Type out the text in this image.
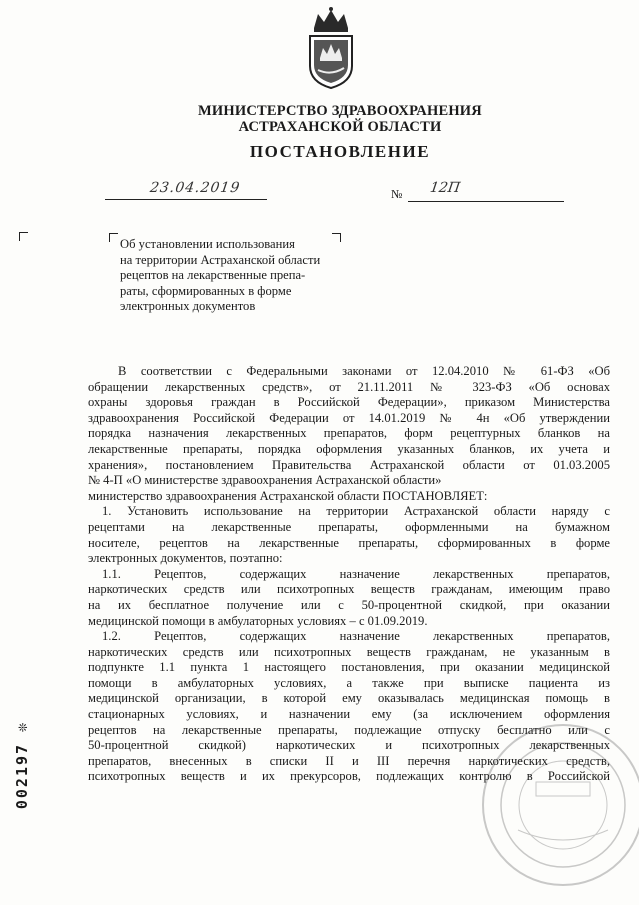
МИНИСТЕРСТВО ЗДРАВООХРАНЕНИЯ
АСТРАХАНСКОЙ ОБЛАСТИ
ПОСТАНОВЛЕНИЕ
23.04.2019	№ 12П
Об установлении использования
на территории Астраханской области
рецептов на лекарственные препа-
раты, сформированных в форме
электронных документов
В соответствии с Федеральными законами от 12.04.2010 № 61-ФЗ «Об
обращении лекарственных средств», от 21.11.2011 № 323-ФЗ «Об основах
охраны здоровья граждан в Российской Федерации», приказом Министерства
здравоохранения Российской Федерации от 14.01.2019 № 4н «Об утверждении
порядка назначения лекарственных препаратов, форм рецептурных бланков на
лекарственные препараты, порядка оформления указанных бланков, их учета и
хранения», постановлением Правительства Астраханской области от 01.03.2005
№ 4-П «О министерстве здравоохранения Астраханской области»
министерство здравоохранения Астраханской области ПОСТАНОВЛЯЕТ:
1. Установить использование на территории Астраханской области наряду с
рецептами на лекарственные препараты, оформленными на бумажном
носителе, рецептов на лекарственные препараты, сформированных в форме
электронных документов, поэтапно:
1.1. Рецептов, содержащих назначение лекарственных препаратов,
наркотических средств или психотропных веществ гражданам, имеющим право
на их бесплатное получение или с 50-процентной скидкой, при оказании
медицинской помощи в амбулаторных условиях – с 01.09.2019.
1.2. Рецептов, содержащих назначение лекарственных препаратов,
наркотических средств или психотропных веществ гражданам, не указанным в
подпункте 1.1 пункта 1 настоящего постановления, при оказании медицинской
помощи в амбулаторных условиях, а также при выписке пациента из
медицинской организации, в которой ему оказывалась медицинская помощь в
стационарных условиях, и назначении ему (за исключением оформления
рецептов на лекарственные препараты, подлежащие отпуску бесплатно или с
50-процентной скидкой) наркотических и психотропных лекарственных
препаратов, внесенных в списки II и III перечня наркотических средств,
психотропных веществ и их прекурсоров, подлежащих контролю в Российской
002197 ❊
